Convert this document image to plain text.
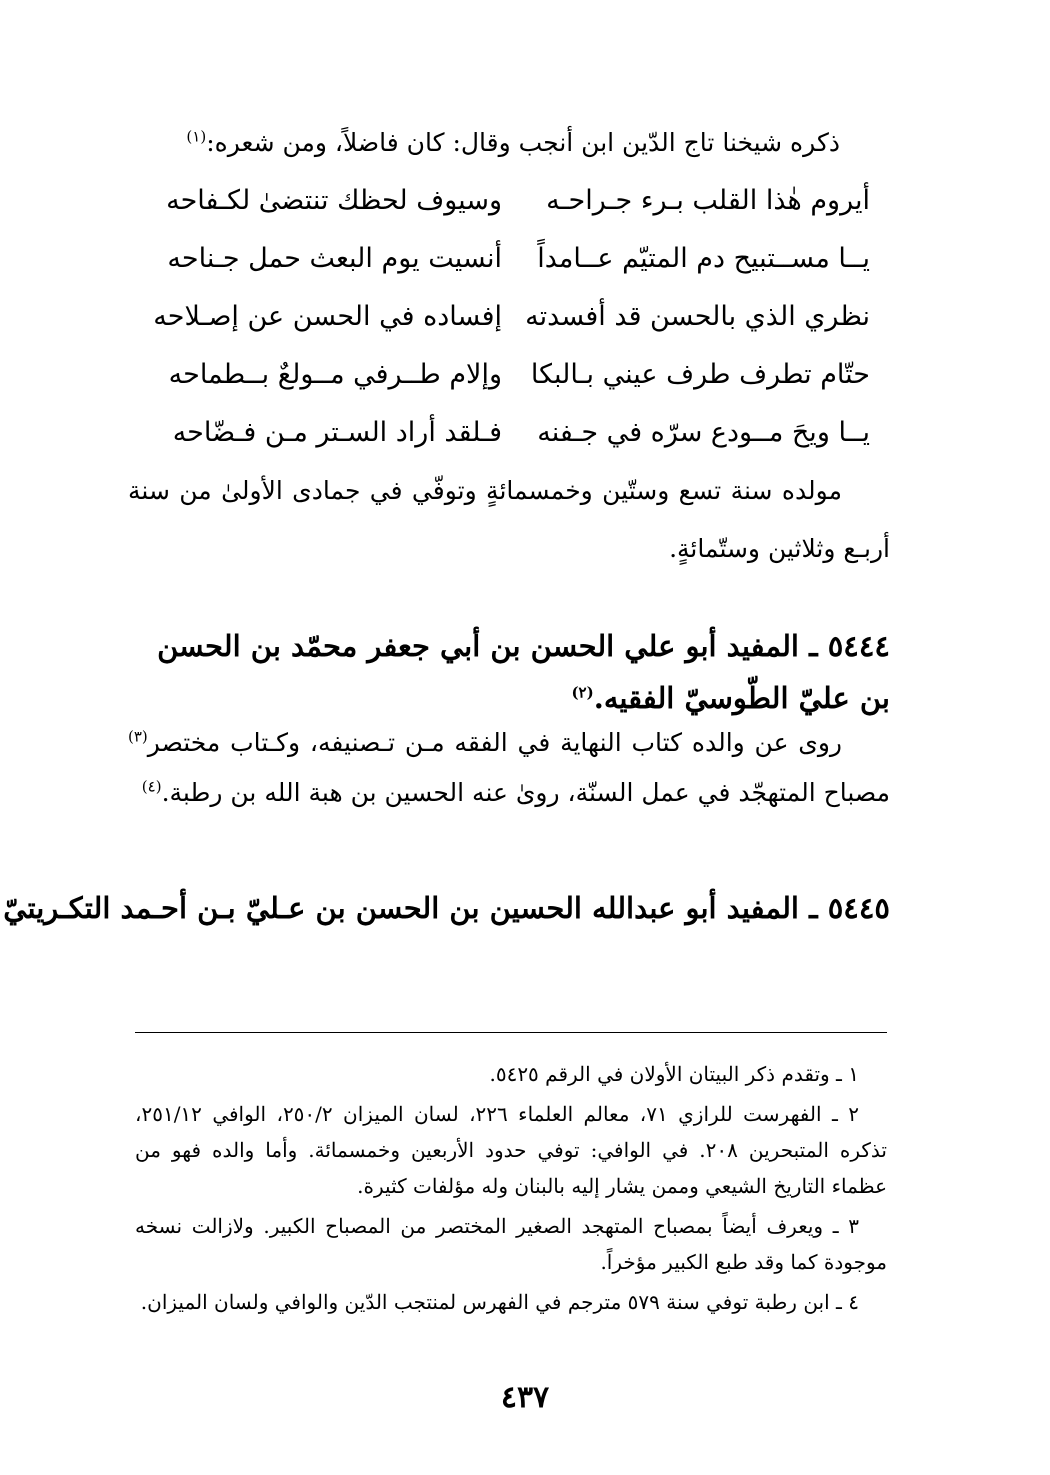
ذكره شيخنا تاج الدّين ابن أنجب وقال: كان فاضلاً، ومن شعره:$^{(١)}$
أيروم هٰذا القلب بـرء جـراحـه
وسيوف لحظك تنتضىٰ لكـفاحه
يــا مســتبيح دم المتيّم عــامداً
أنسيت يوم البعث حمل جـناحه
نظري الذي بالحسن قد أفسدته
إفساده في الحسن عن إصـلاحه
حتّام تطرف طرف عيني بـالبكا
وإلام طــرفي مــولعٌ بــطماحه
يــا ويحَ مــودع سرّه في جـفنه
فـلقد أراد السـتر مـن فـضّاحه
مولده سنة تسع وستّين وخمسمائةٍ وتوفّي في جمادى الأولىٰ من سنة أربـع وثلاثين وستّمائةٍ.
٥٤٤٤ ـ المفيد أبو علي الحسن بن أبي جعفر محمّد بن الحسن بن عليّ الطّوسيّ الفقيه.$^{(٢)}$
روى عن والده كتاب النهاية في الفقه مـن تـصنيفه، وكـتاب مختصر$^{(٣)}$ مصباح المتهجّد في عمل السنّة، رویٰ عنه الحسين بن هبة الله بن رطبة.$^{(٤)}$
٥٤٤٥ ـ المفيد أبو عبدالله الحسين بن الحسن بن عـليّ بـن أحـمد التكـريتيّ

١ ـ وتقدم ذكر البيتان الأولان في الرقم ٥٤٢٥.

٢ ـ الفهرست للرازي ٧١، معالم العلماء ٢٢٦، لسان الميزان ٢٥٠/٢، الوافي ٢٥١/١٢، تذكره المتبحرين ٢٠٨. في الوافي: توفي حدود الأربعين وخمسمائة. وأما والده فهو من عظماء التاريخ الشيعي وممن يشار إليه بالبنان وله مؤلفات كثيرة.

٣ ـ ويعرف أيضاً بمصباح المتهجد الصغير المختصر من المصباح الكبير. ولازالت نسخه موجودة كما وقد طبع الكبير مؤخراً.

٤ ـ ابن رطبة توفي سنة ٥٧٩ مترجم في الفهرس لمنتجب الدّين والوافي ولسان الميزان.

٤٣٧
